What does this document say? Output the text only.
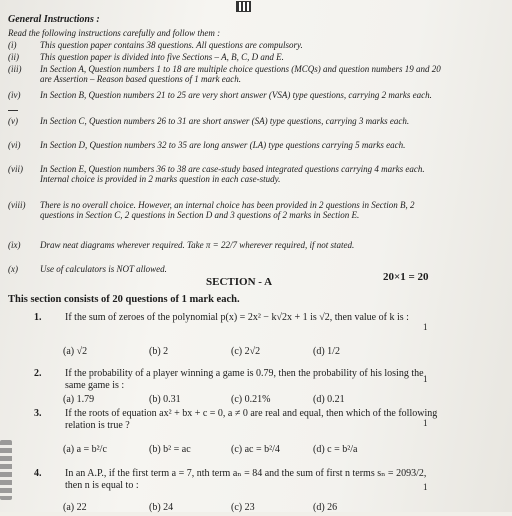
General Instructions :
Read the following instructions carefully and follow them :
(i)	This question paper contains 38 questions. All questions are compulsory.
(ii) This question paper is divided into five Sections – A, B, C, D and E.
(iii) In Section A, Question numbers 1 to 18 are multiple choice questions (MCQs) and question numbers 19 and 20 are Assertion – Reason based questions of 1 mark each.
(iv) In Section B, Question numbers 21 to 25 are very short answer (VSA) type questions, carrying 2 marks each.
(v) In Section C, Question numbers 26 to 31 are short answer (SA) type questions, carrying 3 marks each.
(vi) In Section D, Question numbers 32 to 35 are long answer (LA) type questions carrying 5 marks each.
(vii) In Section E, Question numbers 36 to 38 are case-study based integrated questions carrying 4 marks each. Internal choice is provided in 2 marks question in each case-study.
(viii) There is no overall choice. However, an internal choice has been provided in 2 questions in Section B, 2 questions in Section C, 2 questions in Section D and 3 questions of 2 marks in Section E.
(ix) Draw neat diagrams wherever required. Take π = 22/7 wherever required, if not stated.
(x) Use of calculators is NOT allowed.
SECTION - A	20×1 = 20
This section consists of 20 questions of 1 mark each.
1. If the sum of zeroes of the polynomial p(x) = 2x² − k√2x + 1 is √2, then value of k is :
1
(a) √2	(b) 2	(c) 2√2	(d) 1/2
2. If the probability of a player winning a game is 0.79, then the probability of his losing the same game is :
1
(a) 1.79	(b) 0.31	(c) 0.21%	(d) 0.21
3. If the roots of equation ax² + bx + c = 0, a ≠ 0 are real and equal, then which of the following relation is true ?	1
(a) a = b²/c	(b) b² = ac	(c) ac = b²/4	(d) c = b²/a
4. In an A.P., if the first term a = 7, nth term aₙ = 84 and the sum of first n terms sₙ = 2093/2, then n is equal to :	1
(a) 22	(b) 24	(c) 23	(d) 26
